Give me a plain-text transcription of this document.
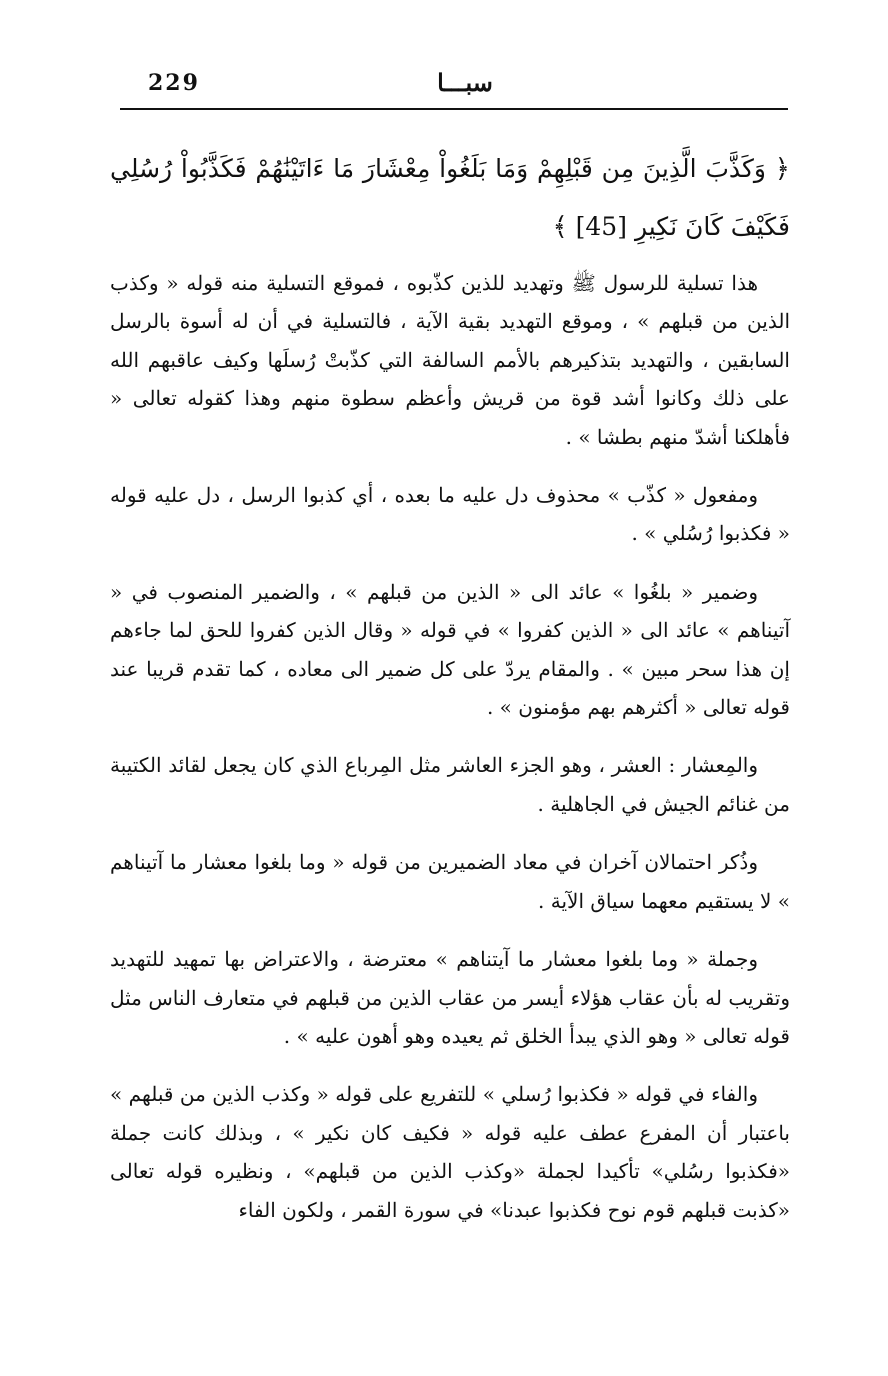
229	سبـــا
﴿ وَكَذَّبَ الَّذِينَ مِن قَبْلِهِمْ وَمَا بَلَغُواْ مِعْشَارَ مَا ءَاتَيْنَٰهُمْ فَكَذَّبُواْ رُسُلِي فَكَيْفَ كَانَ نَكِيرِ [45] ﴾

هذا تسلية للرسول ﷺ وتهديد للذين كذّبوه ، فموقع التسلية منه قوله « وكذب الذين من قبلهم » ، وموقع التهديد بقية الآية ، فالتسلية في أن له أسوة بالرسل السابقين ، والتهديد بتذكيرهم بالأمم السالفة التي كذّبتْ رُسلَها وكيف عاقبهم الله على ذلك وكانوا أشد قوة من قريش وأعظم سطوة منهم وهذا كقوله تعالى « فأهلكنا أشدّ منهم بطشا » .

ومفعول « كذّب » محذوف دل عليه ما بعده ، أي كذبوا الرسل ، دل عليه قوله « فكذبوا رُسُلي » .

وضمير « بلغُوا » عائد الى « الذين من قبلهم » ، والضمير المنصوب في « آتيناهم » عائد الى « الذين كفروا » في قوله « وقال الذين كفروا للحق لما جاءهم إن هذا سحر مبين » . والمقام يردّ على كل ضمير الى معاده ، كما تقدم قريبا عند قوله تعالى « أكثرهم بهم مؤمنون » .

والمِعشار : العشر ، وهو الجزء العاشر مثل المِرباع الذي كان يجعل لقائد الكتيبة من غنائم الجيش في الجاهلية .

وذُكر احتمالان آخران في معاد الضميرين من قوله « وما بلغوا معشار ما آتيناهم » لا يستقيم معهما سياق الآية .

وجملة « وما بلغوا معشار ما آيتناهم » معترضة ، والاعتراض بها تمهيد للتهديد وتقريب له بأن عقاب هؤلاء أيسر من عقاب الذين من قبلهم في متعارف الناس مثل قوله تعالى « وهو الذي يبدأ الخلق ثم يعيده وهو أهون عليه » .

والفاء في قوله « فكذبوا رُسلي » للتفريع على قوله « وكذب الذين من قبلهم » باعتبار أن المفرع عطف عليه قوله « فكيف كان نكير » ، وبذلك كانت جملة «فكذبوا رسُلي» تأكيدا لجملة «وكذب الذين من قبلهم» ، ونظيره قوله تعالى «كذبت قبلهم قوم نوح فكذبوا عبدنا» في سورة القمر ، ولكون الفاء
